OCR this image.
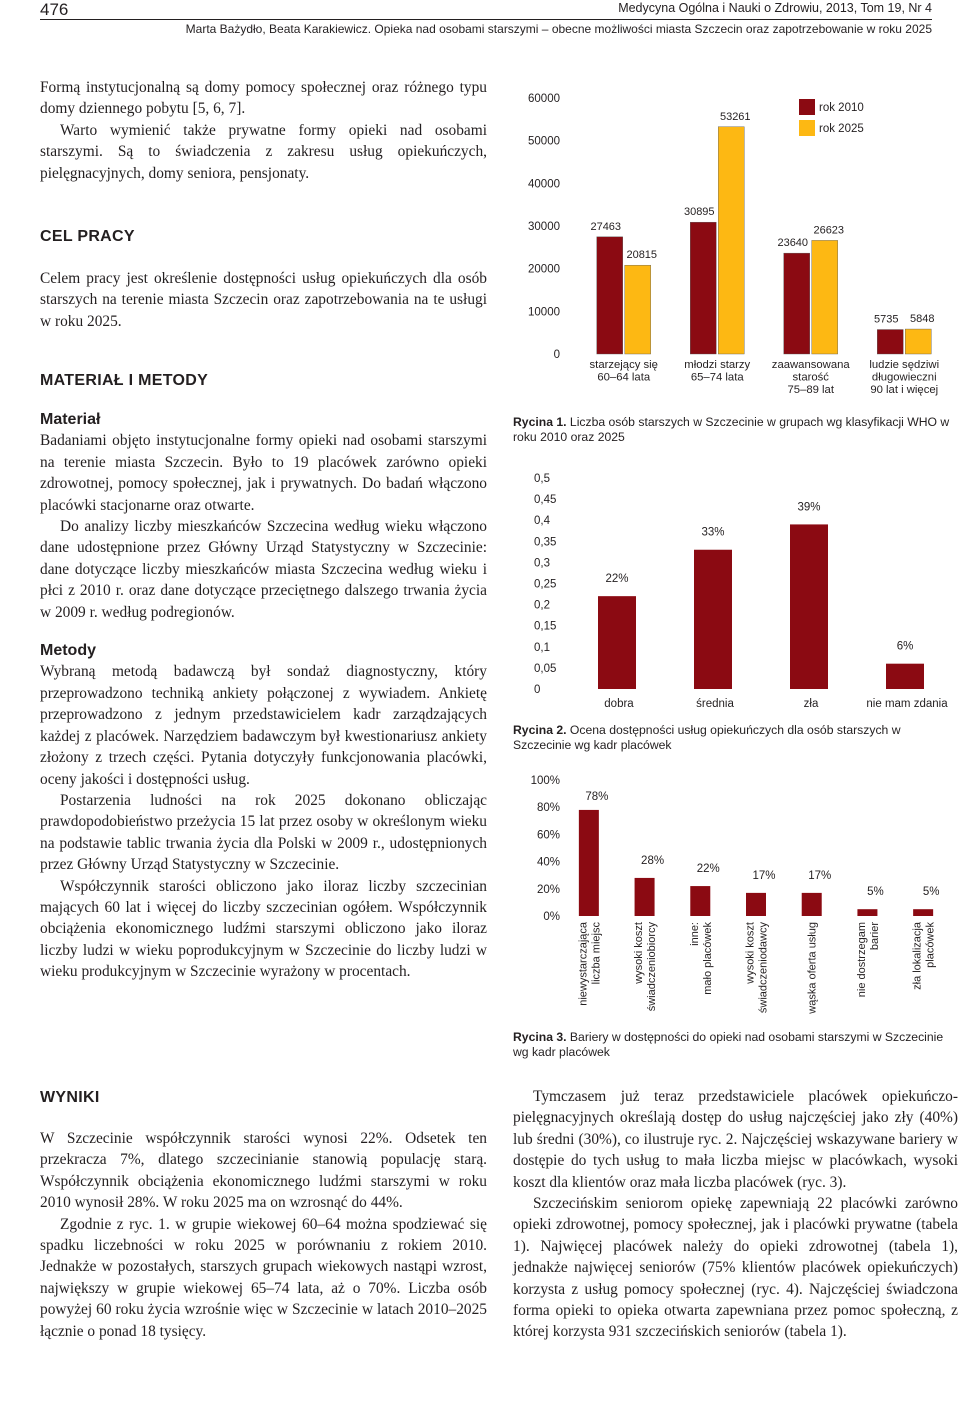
476	Medycyna Ogólna i Nauki o Zdrowiu, 2013, Tom 19, Nr 4
Marta Bażydło, Beata Karakiewicz. Opieka nad osobami starszymi – obecne możliwości miasta Szczecin oraz zapotrzebowanie w roku 2025

Formą instytucjonalną są domy pomocy społecznej oraz różnego typu domy dziennego pobytu [5, 6, 7].

Warto wymienić także prywatne formy opieki nad osobami starszymi. Są to świadczenia z zakresu usług opiekuńczych, pielęgnacyjnych, domy seniora, pensjonaty.

CEL PRACY

Celem pracy jest określenie dostępności usług opiekuńczych dla osób starszych na terenie miasta Szczecin oraz zapotrzebowania na te usługi w roku 2025.

MATERIAŁ I METODY
Materiał

Badaniami objęto instytucjonalne formy opieki nad osobami starszymi na terenie miasta Szczecin. Było to 19 placówek zarówno opieki zdrowotnej, pomocy społecznej, jak i prywatnych. Do badań włączono placówki stacjonarne oraz otwarte.

Do analizy liczby mieszkańców Szczecina według wieku włączono dane udostępnione przez Główny Urząd Statystyczny w Szczecinie: dane dotyczące liczby mieszkańców miasta Szczecina według wieku i płci z 2010 r. oraz dane dotyczące przeciętnego dalszego trwania życia w 2009 r. według podregionów.

Metody

Wybraną metodą badawczą był sondaż diagnostyczny, który przeprowadzono techniką ankiety połączonej z wywiadem. Ankietę przeprowadzono z jednym przedstawicielem kadr zarządzających każdej z placówek. Narzędziem badawczym był kwestionariusz ankiety złożony z trzech części. Pytania dotyczyły funkcjonowania placówki, oceny jakości i dostępności usług.

Postarzenia ludności na rok 2025 dokonano obliczając prawdopodobieństwo przeżycia 15 lat przez osoby w określonym wieku na podstawie tablic trwania życia dla Polski w 2009 r., udostępnionych przez Główny Urząd Statystyczny w Szczecinie.

Współczynnik starości obliczono jako iloraz liczby szczecinian mających 60 lat i więcej do liczby szczecinian ogółem. Współczynnik obciążenia ekonomicznego ludźmi starszymi obliczono jako iloraz liczby ludzi w wieku poprodukcyjnym w Szczecinie do liczby ludzi w wieku produkcyjnym w Szczecinie wyrażony w procentach.

WYNIKI

W Szczecinie współczynnik starości wynosi 22%. Odsetek ten przekracza 7%, dlatego szczecinianie stanowią populację starą. Współczynnik obciążenia ekonomicznego ludźmi starszymi w roku 2010 wynosił 28%. W roku 2025 ma on wzrosnąć do 44%.

Zgodnie z ryc. 1. w grupie wiekowej 60–64 można spodziewać się spadku liczebności w roku 2025 w porównaniu z rokiem 2010. Jednakże w pozostałych, starszych grupach wiekowych nastąpi wzrost, największy w grupie wiekowej 65–74 lata, aż o 70%. Liczba osób powyżej 60 roku życia wzrośnie więc w Szczecinie w latach 2010–2025 łącznie o ponad 18 tysięcy.

0
10000
20000
30000
40000
50000
60000
27463
20815
starzejący się
60–64 lata
30895
53261
młodzi starzy
65–74 lata
23640
26623
zaawansowana
starość
75–89 lat
5735 5848
ludzie sędziwi
długowieczni
90 lat i więcej
rok 2010
rok 2025
Rycina 1. Liczba osób starszych w Szczecinie w grupach wg klasyfikacji WHO w roku 2010 oraz 2025
0
0,05
0,1
0,15
0,2
0,25
0,3
0,35
0,4
0,45
0,5
22%
dobra
33%
średnia
39%
zła
6%
nie mam zdania
Rycina 2. Ocena dostępności usług opiekuńczych dla osób starszych w Szczecinie wg kadr placówek
0%
20%
40%
60%
80%
100%
78%
niewystarczająca liczba miejsc
28%
wysoki koszt świadczeniobiorcy
22%
inne: mało placówek
17%
wysoki koszt świadczeniodawcy
17%
wąska oferta usług
5%
nie dostrzegam barier
5%
zła lokalizacja placówek
Rycina 3. Bariery w dostępności do opieki nad osobami starszymi w Szczecinie wg kadr placówek

Tymczasem już teraz przedstawiciele placówek opiekuńczo-pielęgnacyjnych określają dostęp do usług najczęściej jako zły (40%) lub średni (30%), co ilustruje ryc. 2. Najczęściej wskazywane bariery w dostępie do tych usług to mała liczba miejsc w placówkach, wysoki koszt dla klientów oraz mała liczba placówek (ryc. 3).

Szczecińskim seniorom opiekę zapewniają 22 placówki zarówno opieki zdrowotnej, pomocy społecznej, jak i placówki prywatne (tabela 1). Najwięcej placówek należy do opieki zdrowotnej (tabela 1), jednakże najwięcej seniorów (75% klientów placówek opiekuńczych) korzysta z usług pomocy społecznej (ryc. 4). Najczęściej świadczona forma opieki to opieka otwarta zapewniana przez pomoc społeczną, z której korzysta 931 szczecińskich seniorów (tabela 1).
